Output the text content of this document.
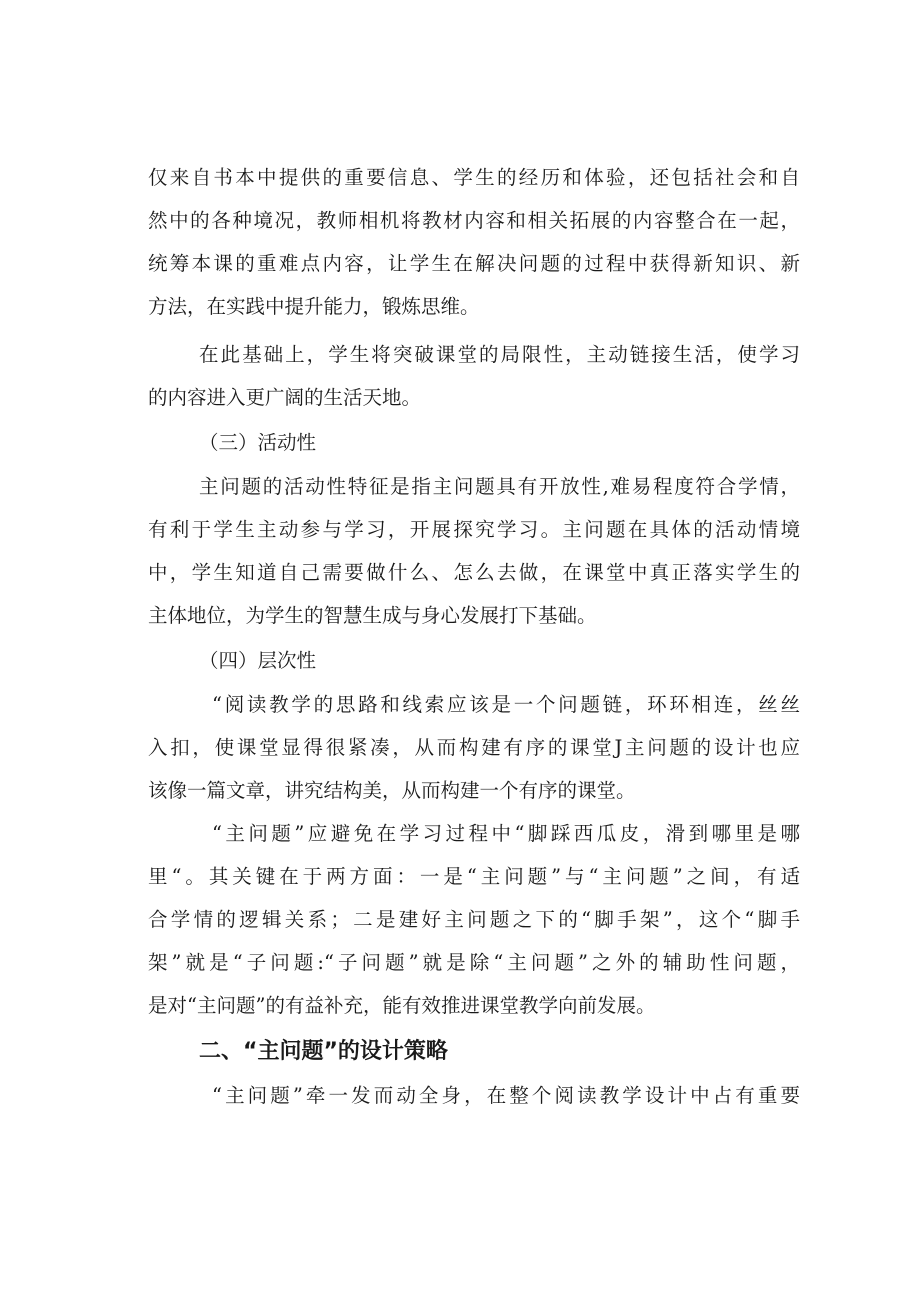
仅来自书本中提供的重要信息、学生的经历和体验，还包括社会和自
然中的各种境况，教师相机将教材内容和相关拓展的内容整合在一起，
统筹本课的重难点内容，让学生在解决问题的过程中获得新知识、新
方法，在实践中提升能力，锻炼思维。
在此基础上，学生将突破课堂的局限性，主动链接生活，使学习
的内容进入更广阔的生活天地。
（三）活动性
主问题的活动性特征是指主问题具有开放性,难易程度符合学情，
有利于学生主动参与学习，开展探究学习。主问题在具体的活动情境
中，学生知道自己需要做什么、怎么去做，在课堂中真正落实学生的
主体地位，为学生的智慧生成与身心发展打下基础。
（四）层次性
“阅读教学的思路和线索应该是一个问题链，环环相连，丝丝
入扣，使课堂显得很紧凑，从而构建有序的课堂J主问题的设计也应
该像一篇文章，讲究结构美，从而构建一个有序的课堂。
“主问题”应避免在学习过程中“脚踩西瓜皮，滑到哪里是哪
里“。其关键在于两方面：一是“主问题”与“主问题”之间，有适
合学情的逻辑关系；二是建好主问题之下的“脚手架”，这个“脚手
架”就是“子问题:“子问题”就是除“主问题”之外的辅助性问题，
是对“主问题”的有益补充，能有效推进课堂教学向前发展。
二、“主问题”的设计策略
“主问题”牵一发而动全身，在整个阅读教学设计中占有重要
